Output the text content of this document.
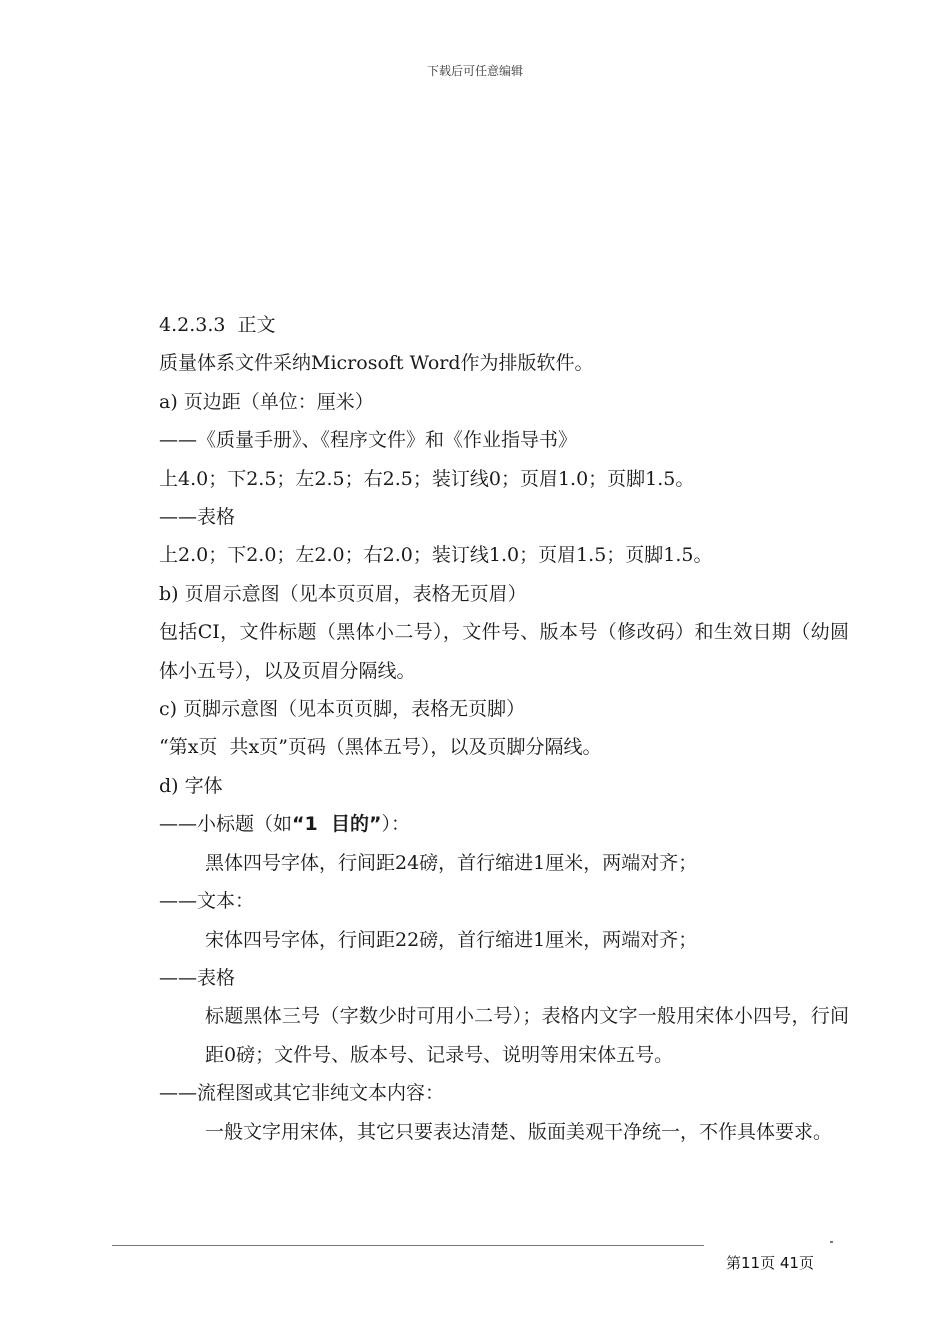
下载后可任意编辑
4.2.3.3  正文
质量体系文件采纳Microsoft Word作为排版软件。
a) 页边距（单位：厘米）
——《质量手册》、《程序文件》和《作业指导书》
上4.0；下2.5；左2.5；右2.5；装订线0；页眉1.0；页脚1.5。
——表格
上2.0；下2.0；左2.0；右2.0；装订线1.0；页眉1.5；页脚1.5。
b) 页眉示意图（见本页页眉，表格无页眉）
包括CI，文件标题（黑体小二号），文件号、版本号（修改码）和生效日期（幼圆体小五号），以及页眉分隔线。
c) 页脚示意图（见本页页脚，表格无页脚）
“第x页  共x页”页码（黑体五号），以及页脚分隔线。
d) 字体
——小标题（如“1  目的”）：
黑体四号字体，行间距24磅，首行缩进1厘米，两端对齐；
——文本：
宋体四号字体，行间距22磅，首行缩进1厘米，两端对齐；
——表格
标题黑体三号（字数少时可用小二号）；表格内文字一般用宋体小四号，行间距0磅；文件号、版本号、记录号、说明等用宋体五号。
——流程图或其它非纯文本内容：
一般文字用宋体，其它只要表达清楚、版面美观干净统一，不作具体要求。
第11页 41页
